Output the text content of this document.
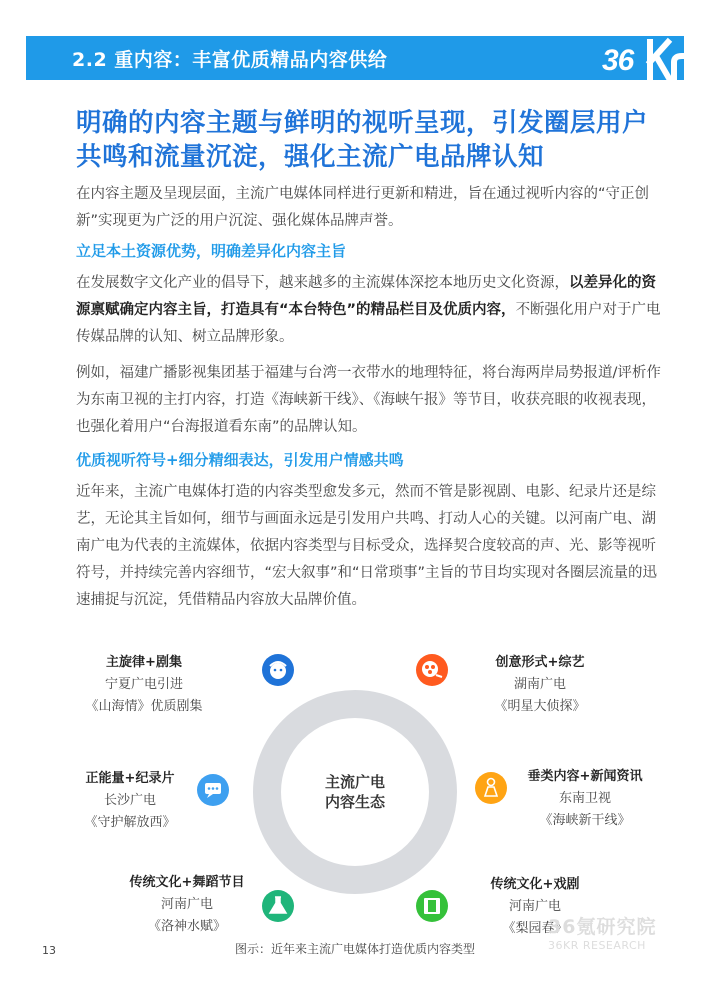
2.2 重内容：丰富优质精品内容供给	36
明确的内容主题与鲜明的视听呈现，引发圈层用户共鸣和流量沉淀，强化主流广电品牌认知
在内容主题及呈现层面，主流广电媒体同样进行更新和精进，旨在通过视听内容的“守正创新”实现更为广泛的用户沉淀、强化媒体品牌声誉。
立足本土资源优势，明确差异化内容主旨
在发展数字文化产业的倡导下，越来越多的主流媒体深挖本地历史文化资源，以差异化的资源禀赋确定内容主旨，打造具有“本台特色”的精品栏目及优质内容，不断强化用户对于广电传媒品牌的认知、树立品牌形象。
例如，福建广播影视集团基于福建与台湾一衣带水的地理特征，将台海两岸局势报道/评析作为东南卫视的主打内容，打造《海峡新干线》、《海峡午报》等节目，收获亮眼的收视表现，也强化着用户“台海报道看东南”的品牌认知。
优质视听符号+细分精细表达，引发用户情感共鸣
近年来，主流广电媒体打造的内容类型愈发多元，然而不管是影视剧、电影、纪录片还是综艺，无论其主旨如何，细节与画面永远是引发用户共鸣、打动人心的关键。以河南广电、湖南广电为代表的主流媒体，依据内容类型与目标受众，选择契合度较高的声、光、影等视听符号，并持续完善内容细节，“宏大叙事”和“日常琐事”主旨的节目均实现对各圈层流量的迅速捕捉与沉淀，凭借精品内容放大品牌价值。
主流广电
内容生态
主旋律+剧集
宁夏广电引进
《山海情》优质剧集
创意形式+综艺
湖南广电
《明星大侦探》
正能量+纪录片
长沙广电
《守护解放西》
垂类内容+新闻资讯
东南卫视
《海峡新干线》
传统文化+舞蹈节目
河南广电
《洛神水赋》
传统文化+戏剧
河南广电
《梨园春》
36氪研究院
36KR RESEARCH
图示：近年来主流广电媒体打造优质内容类型
13
